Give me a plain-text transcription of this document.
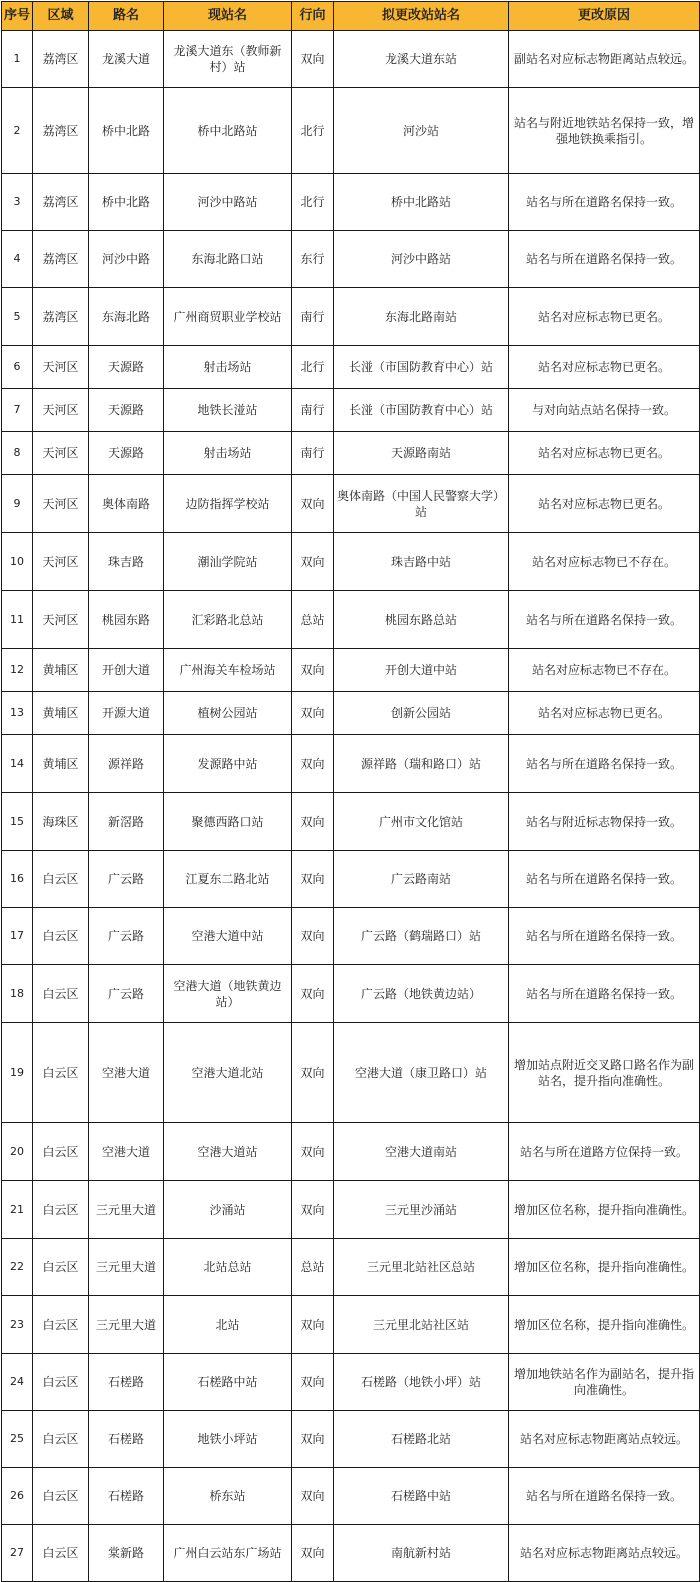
序号	区域	路名	现站名	行向	拟更改站站名	更改原因
1	荔湾区	龙溪大道	龙溪大道东（教师新村）站	双向	龙溪大道东站	副站名对应标志物距离站点较远。
2	荔湾区	桥中北路	桥中北路站	北行	河沙站	站名与附近地铁站名保持一致，增强地铁换乘指引。
3	荔湾区	桥中北路	河沙中路站	北行	桥中北路站	站名与所在道路名保持一致。
4	荔湾区	河沙中路	东海北路口站	东行	河沙中路站	站名与所在道路名保持一致。
5	荔湾区	东海北路	广州商贸职业学校站	南行	东海北路南站	站名对应标志物已更名。
6	天河区	天源路	射击场站	北行	长湴（市国防教育中心）站	站名对应标志物已更名。
7	天河区	天源路	地铁长湴站	南行	长湴（市国防教育中心）站	与对向站点站名保持一致。
8	天河区	天源路	射击场站	南行	天源路南站	站名对应标志物已更名。
9	天河区	奥体南路	边防指挥学校站	双向	奥体南路（中国人民警察大学）站	站名对应标志物已更名。
10	天河区	珠吉路	潮汕学院站	双向	珠吉路中站	站名对应标志物已不存在。
11	天河区	桃园东路	汇彩路北总站	总站	桃园东路总站	站名与所在道路名保持一致。
12	黄埔区	开创大道	广州海关车检场站	双向	开创大道中站	站名对应标志物已不存在。
13	黄埔区	开源大道	植树公园站	双向	创新公园站	站名对应标志物已更名。
14	黄埔区	源祥路	发源路中站	双向	源祥路（瑞和路口）站	站名与所在道路名保持一致。
15	海珠区	新滘路	聚德西路口站	双向	广州市文化馆站	站名与附近标志物保持一致。
16	白云区	广云路	江夏东二路北站	双向	广云路南站	站名与所在道路名保持一致。
17	白云区	广云路	空港大道中站	双向	广云路（鹤瑞路口）站	站名与所在道路名保持一致。
18	白云区	广云路	空港大道（地铁黄边站）	双向	广云路（地铁黄边站）	站名与所在道路名保持一致。
19	白云区	空港大道	空港大道北站	双向	空港大道（康卫路口）站	增加站点附近交叉路口路名作为副站名，提升指向准确性。
20	白云区	空港大道	空港大道站	双向	空港大道南站	站名与所在道路方位保持一致。
21	白云区	三元里大道	沙涌站	双向	三元里沙涌站	增加区位名称，提升指向准确性。
22	白云区	三元里大道	北站总站	总站	三元里北站社区总站	增加区位名称，提升指向准确性。
23	白云区	三元里大道	北站	双向	三元里北站社区站	增加区位名称，提升指向准确性。
24	白云区	石槎路	石槎路中站	双向	石槎路（地铁小坪）站	增加地铁站名作为副站名，提升指向准确性。
25	白云区	石槎路	地铁小坪站	双向	石槎路北站	站名对应标志物距离站点较远。
26	白云区	石槎路	桥东站	双向	石槎路中站	站名与所在道路名保持一致。
27	白云区	棠新路	广州白云站东广场站	双向	南航新村站	站名对应标志物距离站点较远。
